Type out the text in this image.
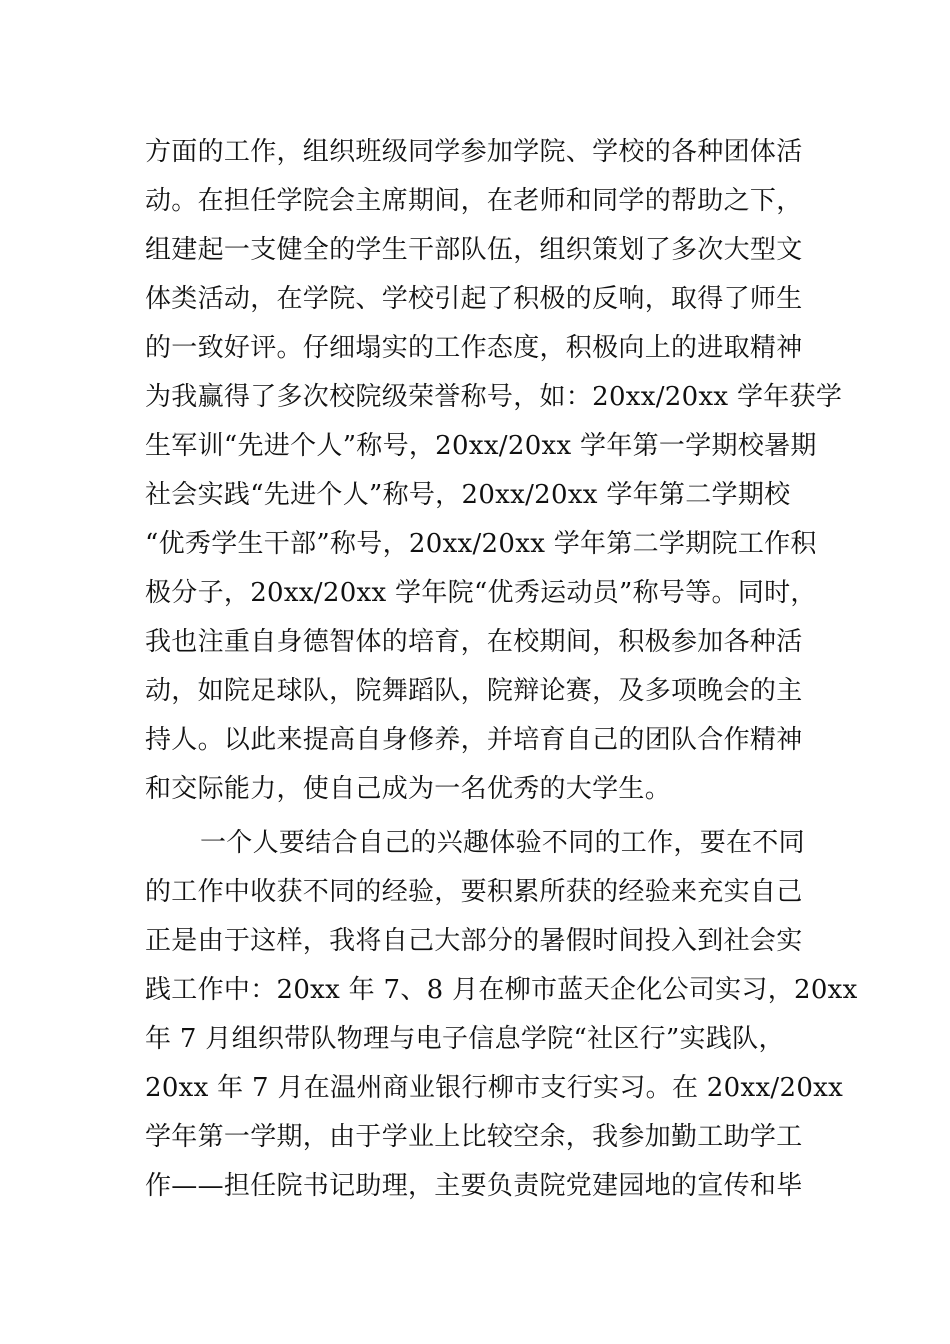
方面的工作，组织班级同学参加学院、学校的各种团体活
动。在担任学院会主席期间，在老师和同学的帮助之下，
组建起一支健全的学生干部队伍，组织策划了多次大型文
体类活动，在学院、学校引起了积极的反响，取得了师生
的一致好评。仔细塌实的工作态度，积极向上的进取精神
为我赢得了多次校院级荣誉称号，如：20xx/20xx 学年获学
生军训“先进个人”称号，20xx/20xx 学年第一学期校暑期
社会实践“先进个人”称号，20xx/20xx 学年第二学期校
“优秀学生干部”称号，20xx/20xx 学年第二学期院工作积
极分子，20xx/20xx 学年院“优秀运动员”称号等。同时，
我也注重自身德智体的培育，在校期间，积极参加各种活
动，如院足球队，院舞蹈队，院辩论赛，及多项晚会的主
持人。以此来提高自身修养，并培育自己的团队合作精神
和交际能力，使自己成为一名优秀的大学生。
一个人要结合自己的兴趣体验不同的工作，要在不同
的工作中收获不同的经验，要积累所获的经验来充实自己
正是由于这样，我将自己大部分的暑假时间投入到社会实
践工作中：20xx 年 7、8 月在柳市蓝天企化公司实习，20xx
年 7 月组织带队物理与电子信息学院“社区行”实践队，
20xx 年 7 月在温州商业银行柳市支行实习。在 20xx/20xx
学年第一学期，由于学业上比较空余，我参加勤工助学工
作——担任院书记助理，主要负责院党建园地的宣传和毕
